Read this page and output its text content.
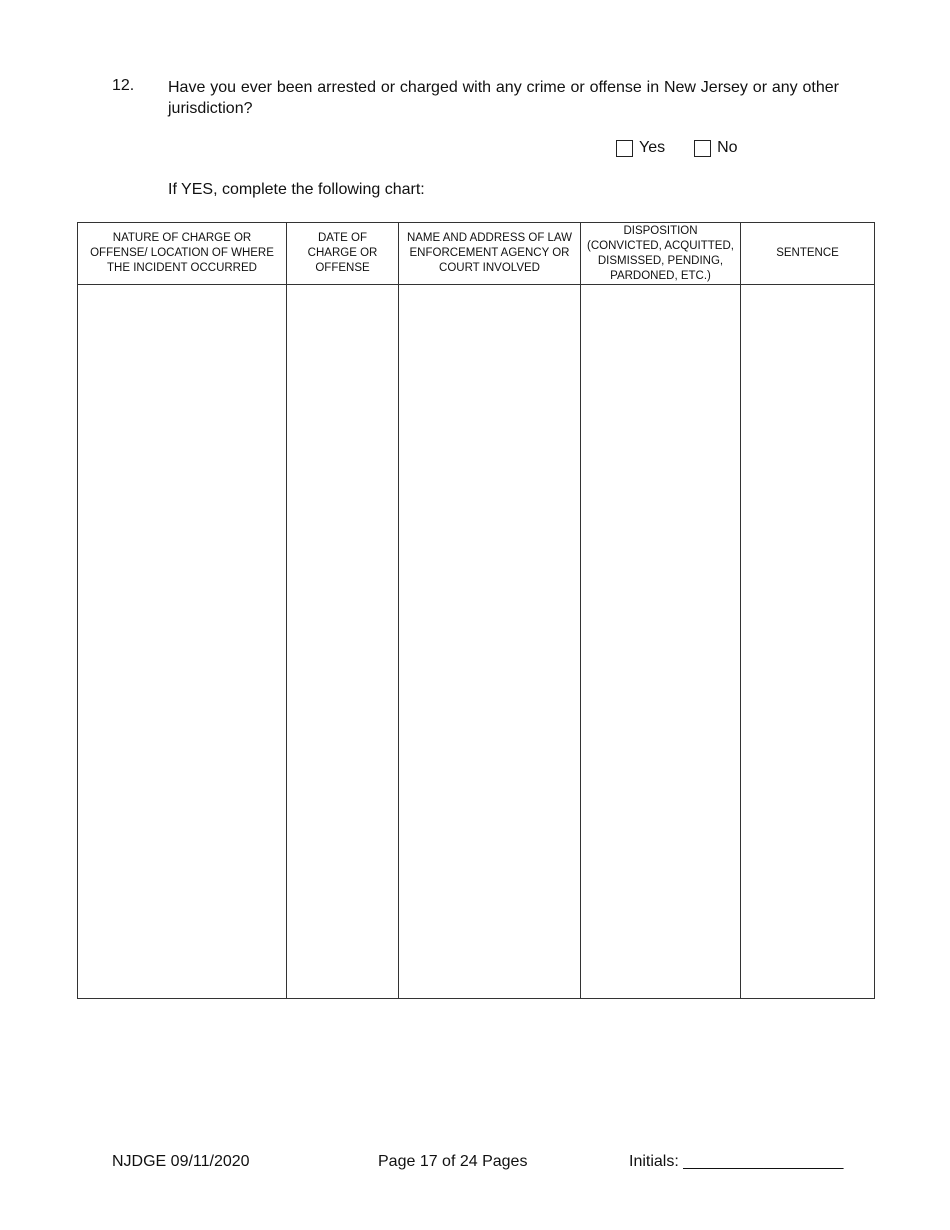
12. Have you ever been arrested or charged with any crime or offense in New Jersey or any other jurisdiction?
Yes	No
If YES, complete the following chart:
NATURE OF CHARGE OR OFFENSE/ LOCATION OF WHERE THE INCIDENT OCCURRED	DATE OF CHARGE OR OFFENSE	NAME AND ADDRESS OF LAW ENFORCEMENT AGENCY OR COURT INVOLVED	DISPOSITION (CONVICTED, ACQUITTED, DISMISSED, PENDING, PARDONED, ETC.)	SENTENCE

NJDGE 09/11/2020	Page 17 of 24 Pages	Initials: __________________
